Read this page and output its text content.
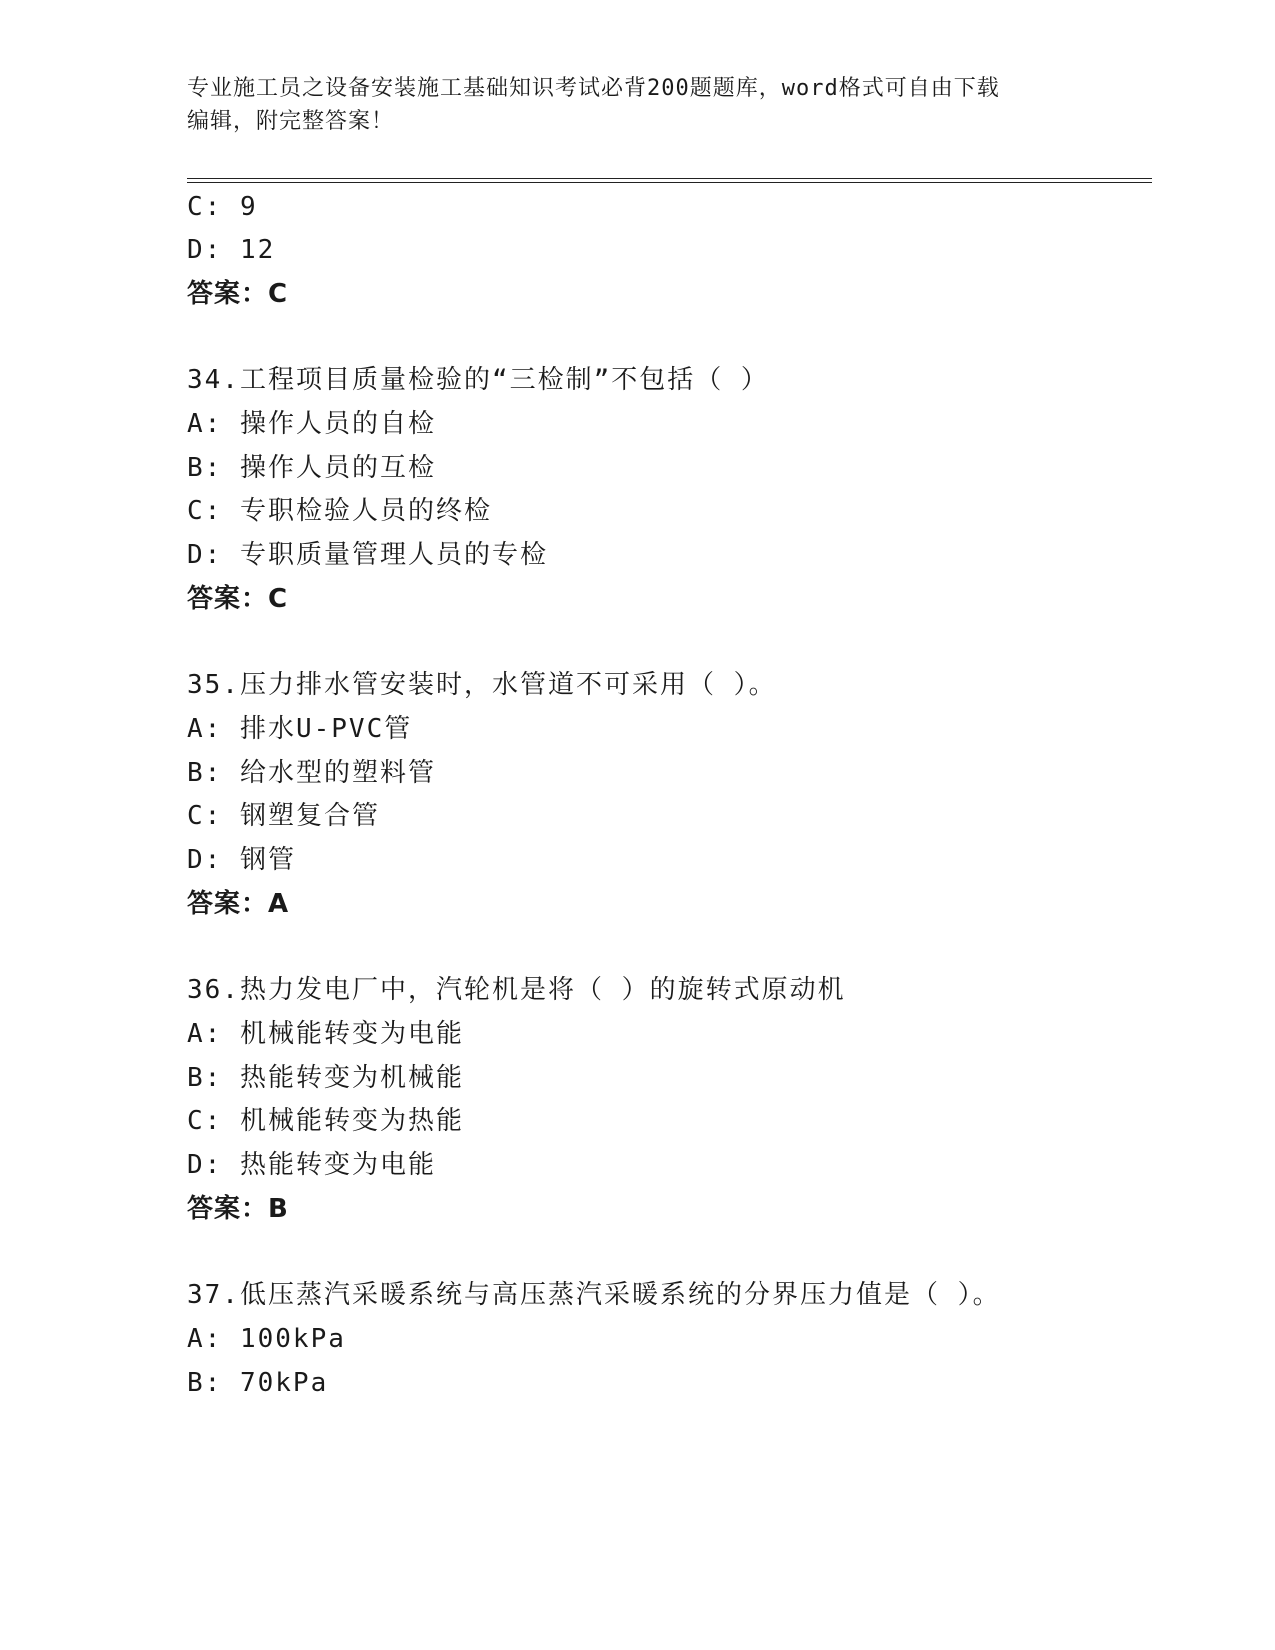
专业施工员之设备安装施工基础知识考试必背200题题库，word格式可自由下载
编辑，附完整答案！
C: 9
D: 12
答案：C
34.工程项目质量检验的“三检制”不包括（ ）
A: 操作人员的自检
B: 操作人员的互检
C: 专职检验人员的终检
D: 专职质量管理人员的专检
答案：C
35.压力排水管安装时，水管道不可采用（ ）。
A: 排水U-PVC管
B: 给水型的塑料管
C: 钢塑复合管
D: 钢管
答案：A
36.热力发电厂中，汽轮机是将（ ）的旋转式原动机
A: 机械能转变为电能
B: 热能转变为机械能
C: 机械能转变为热能
D: 热能转变为电能
答案：B
37.低压蒸汽采暖系统与高压蒸汽采暖系统的分界压力值是（ ）。
A: 100kPa
B: 70kPa
